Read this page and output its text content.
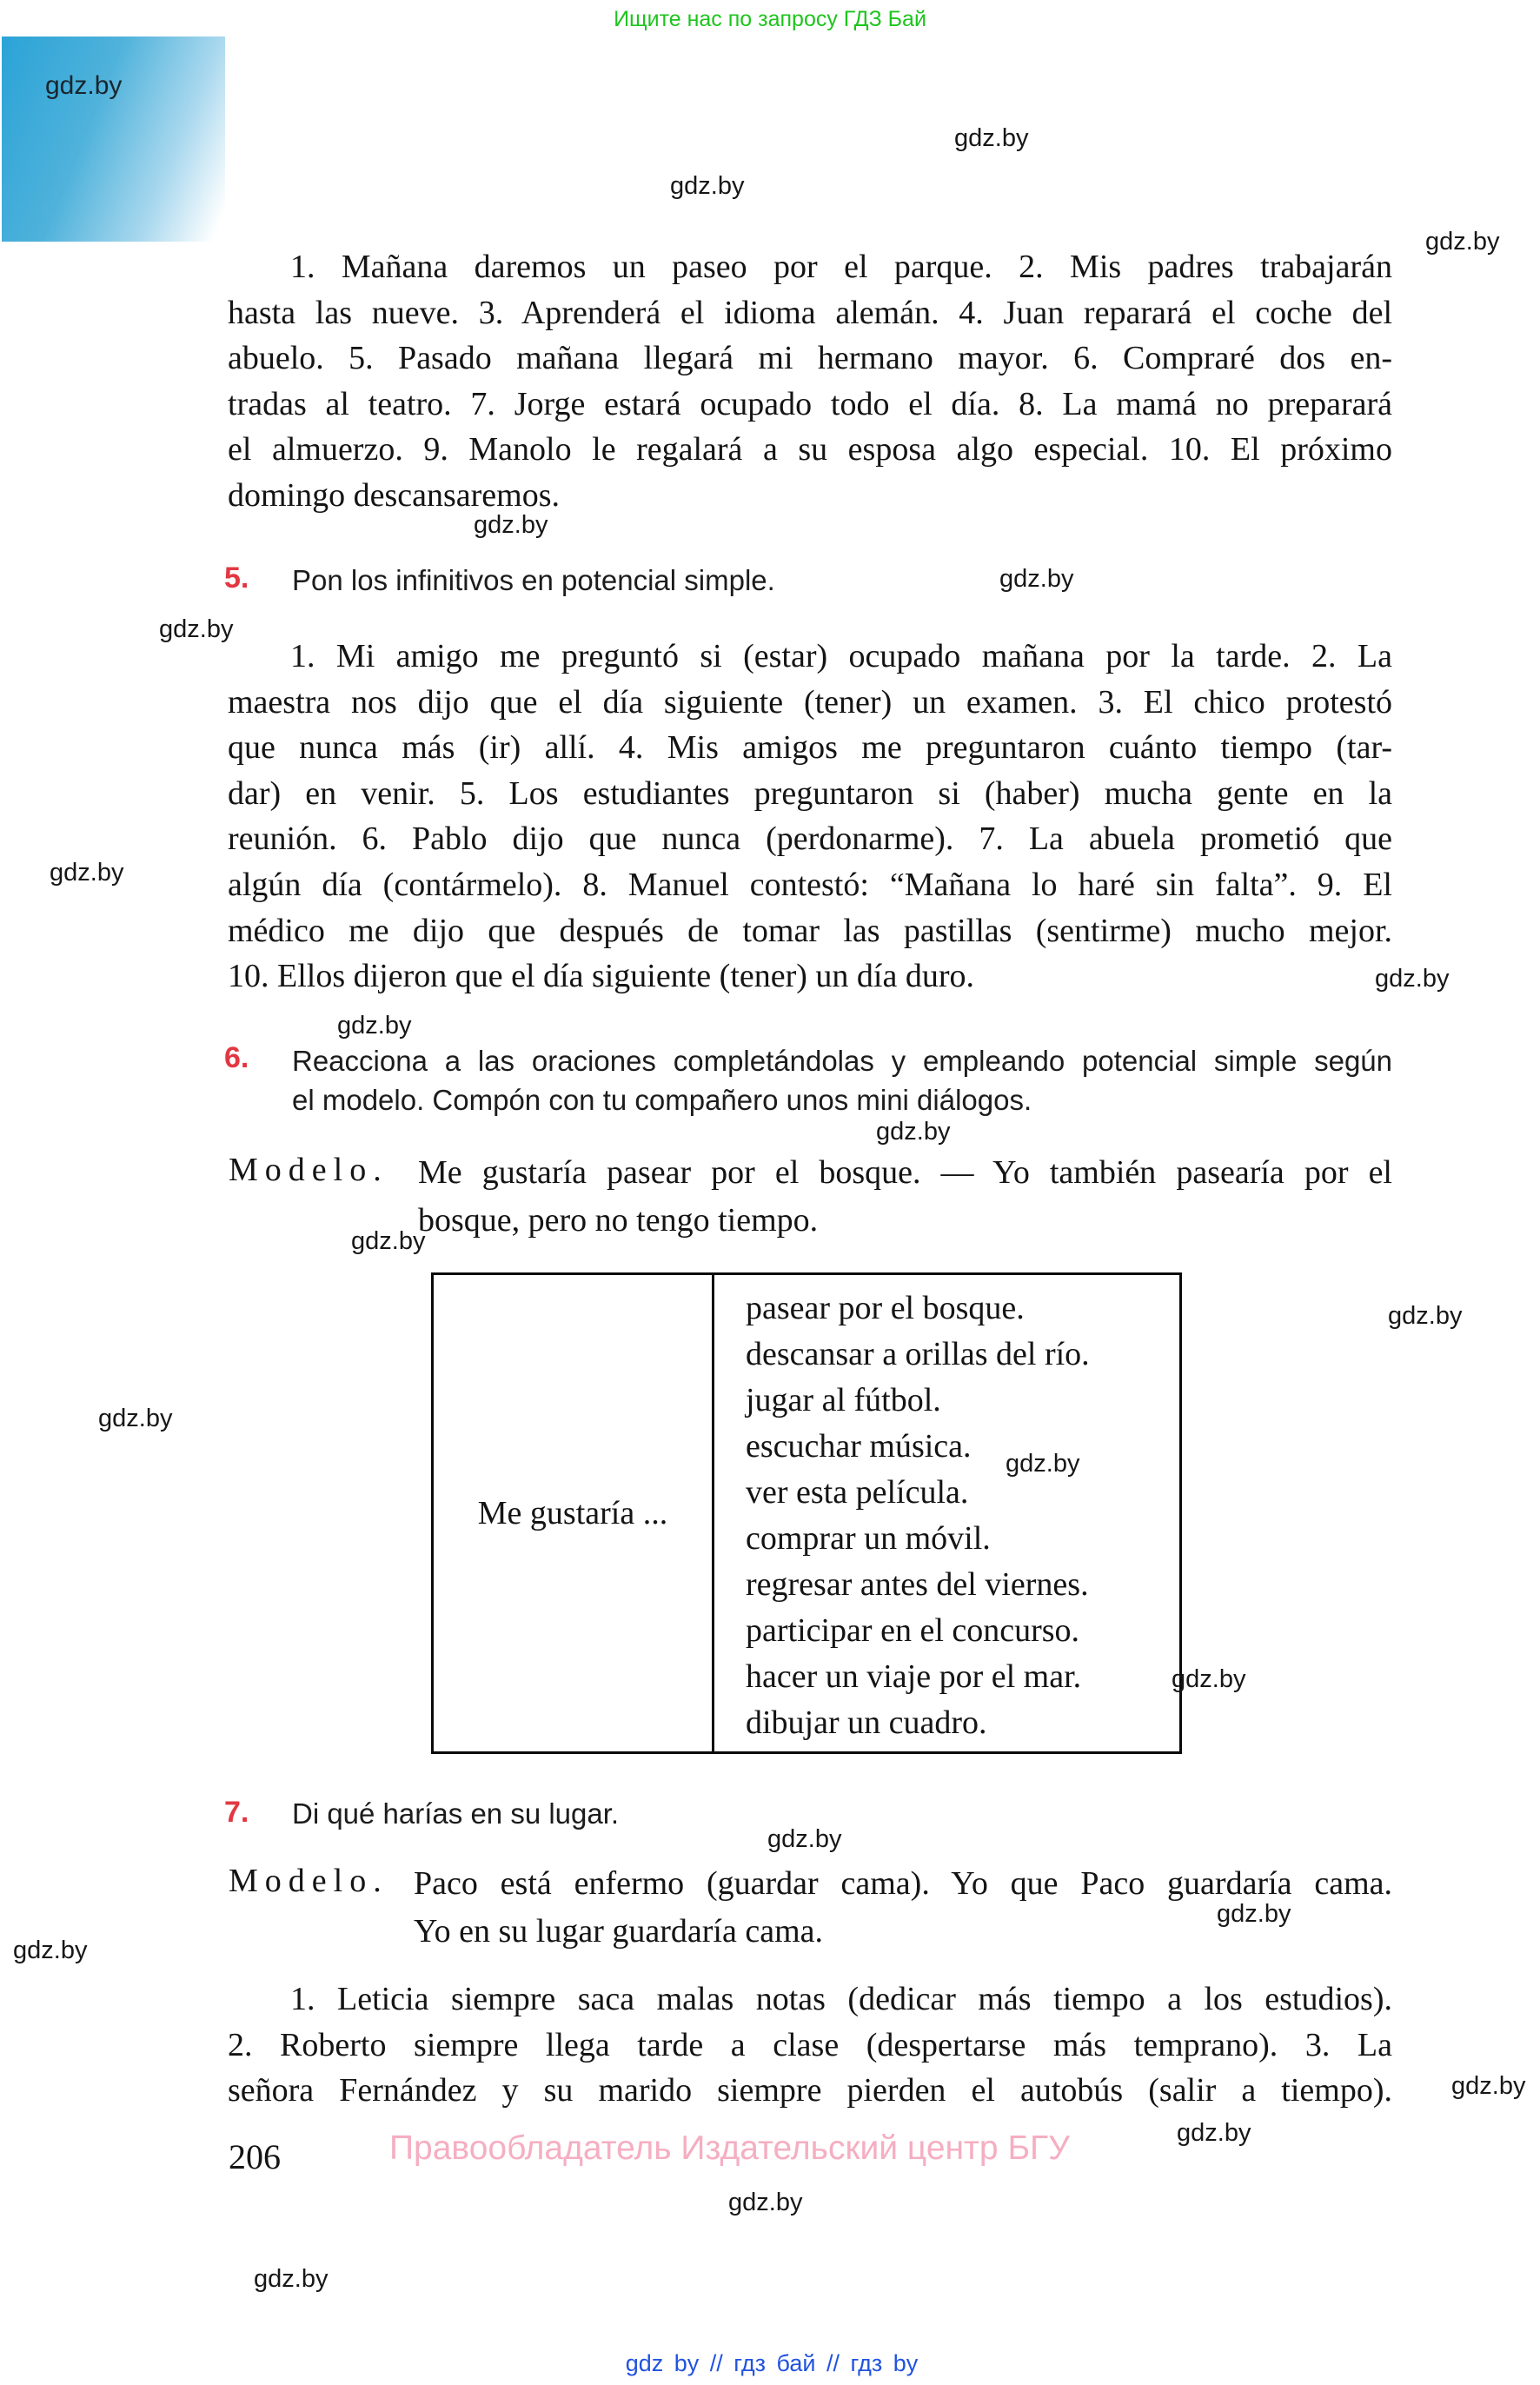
Ищите нас по запросу ГДЗ Бай
gdz.by
gdz.by
gdz.by
gdz.by
gdz.by
gdz.by
gdz.by
gdz.by
gdz.by
gdz.by
gdz.by
gdz.by
gdz.by
gdz.by
gdz.by
gdz.by
gdz.by
gdz.by
gdz.by
gdz.by
gdz.by
gdz.by
gdz.by
1. Mañana daremos un paseo por el parque. 2. Mis padres trabajarán
hasta las nueve. 3. Aprenderá el idioma alemán. 4. Juan reparará el coche del
abuelo. 5. Pasado mañana llegará mi hermano mayor. 6. Compraré dos en-
tradas al teatro. 7. Jorge estará ocupado todo el día. 8. La mamá no preparará
el almuerzo. 9. Manolo le regalará a su esposa algo especial. 10. El próximo
domingo descansaremos.
5. Pon los infinitivos en potencial simple.
1. Mi amigo me preguntó si (estar) ocupado mañana por la tarde. 2. La
maestra nos dijo que el día siguiente (tener) un examen. 3. El chico protestó
que nunca más (ir) allí. 4. Mis amigos me preguntaron cuánto tiempo (tar-
dar) en venir. 5. Los estudiantes preguntaron si (haber) mucha gente en la
reunión. 6. Pablo dijo que nunca (perdonarme). 7. La abuela prometió que
algún día (contármelo). 8. Manuel contestó: “Mañana lo haré sin falta”. 9. El
médico me dijo que después de tomar las pastillas (sentirme) mucho mejor.
10. Ellos dijeron que el día siguiente (tener) un día duro.
6. Reacciona a las oraciones completándolas y empleando potencial simple según
el modelo. Compón con tu compañero unos mini diálogos.
Modelo. Me gustaría pasear por el bosque. — Yo también pasearía por el
bosque, pero no tengo tiempo.
Me gustaría ...
pasear por el bosque.
descansar a orillas del río.
jugar al fútbol.
escuchar música.
ver esta película.
comprar un móvil.
regresar antes del viernes.
participar en el concurso.
hacer un viaje por el mar.
dibujar un cuadro.
7. Di qué harías en su lugar.
Modelo. Paco está enfermo (guardar cama). Yo que Paco guardaría cama.
Yo en su lugar guardaría cama.
1. Leticia siempre saca malas notas (dedicar más tiempo a los estudios).
2. Roberto siempre llega tarde a clase (despertarse más temprano). 3. La
señora Fernández y su marido siempre pierden el autobús (salir a tiempo).
206	Правообладатель Издательский центр БГУ
gdz by // гдз бай // гдз by
